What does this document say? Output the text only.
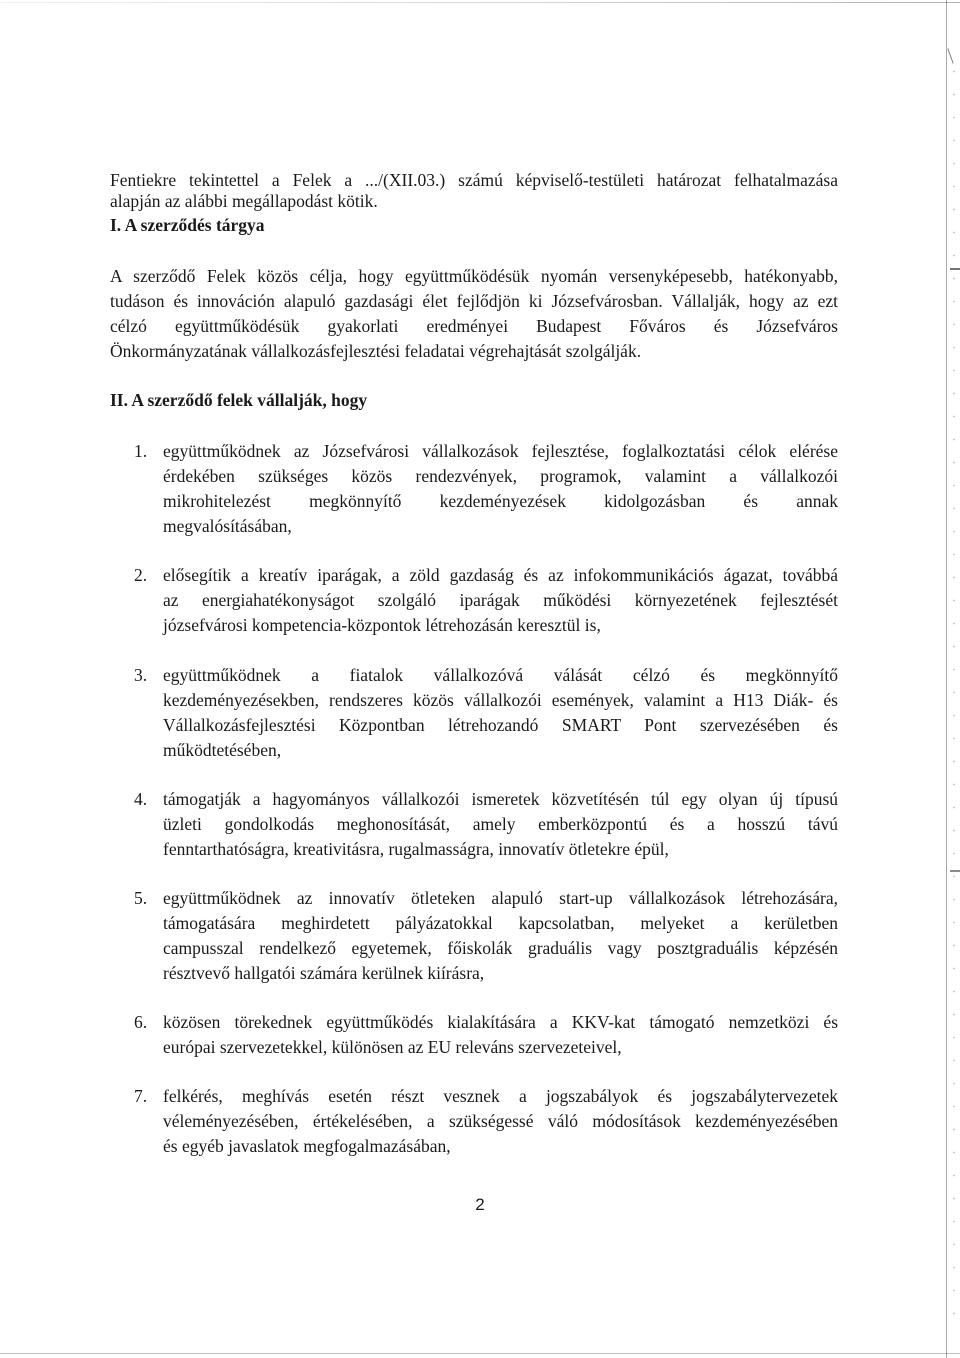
Fentiekre tekintettel a Felek a .../(XII.03.) számú képviselő-testületi határozat felhatalmazása
alapján az alábbi megállapodást kötik.
I. A szerződés tárgya
A szerződő Felek közös célja, hogy együttműködésük nyomán versenyképesebb, hatékonyabb,
tudáson és innováción alapuló gazdasági élet fejlődjön ki Józsefvárosban. Vállalják, hogy az ezt
célzó együttműködésük gyakorlati eredményei Budapest Főváros és Józsefváros
Önkormányzatának vállalkozásfejlesztési feladatai végrehajtását szolgálják.
II. A szerződő felek vállalják, hogy
1. együttműködnek az Józsefvárosi vállalkozások fejlesztése, foglalkoztatási célok elérése
érdekében szükséges közös rendezvények, programok, valamint a vállalkozói
mikrohitelezést megkönnyítő kezdeményezések kidolgozásban és annak
megvalósításában,
2. elősegítik a kreatív iparágak, a zöld gazdaság és az infokommunikációs ágazat, továbbá
az energiahatékonyságot szolgáló iparágak működési környezetének fejlesztését
józsefvárosi kompetencia-központok létrehozásán keresztül is,
3. együttműködnek a fiatalok vállalkozóvá válását célzó és megkönnyítő
kezdeményezésekben, rendszeres közös vállalkozói események, valamint a H13 Diák- és
Vállalkozásfejlesztési Központban létrehozandó SMART Pont szervezésében és
működtetésében,
4. támogatják a hagyományos vállalkozói ismeretek közvetítésén túl egy olyan új típusú
üzleti gondolkodás meghonosítását, amely emberközpontú és a hosszú távú
fenntarthatóságra, kreativitásra, rugalmasságra, innovatív ötletekre épül,
5. együttműködnek az innovatív ötleteken alapuló start-up vállalkozások létrehozására,
támogatására meghirdetett pályázatokkal kapcsolatban, melyeket a kerületben
campusszal rendelkező egyetemek, főiskolák graduális vagy posztgraduális képzésén
résztvevő hallgatói számára kerülnek kiírásra,
6. közösen törekednek együttműködés kialakítására a KKV-kat támogató nemzetközi és
európai szervezetekkel, különösen az EU releváns szervezeteivel,
7. felkérés, meghívás esetén részt vesznek a jogszabályok és jogszabálytervezetek
véleményezésében, értékelésében, a szükségessé váló módosítások kezdeményezésében
és egyéb javaslatok megfogalmazásában,
2
